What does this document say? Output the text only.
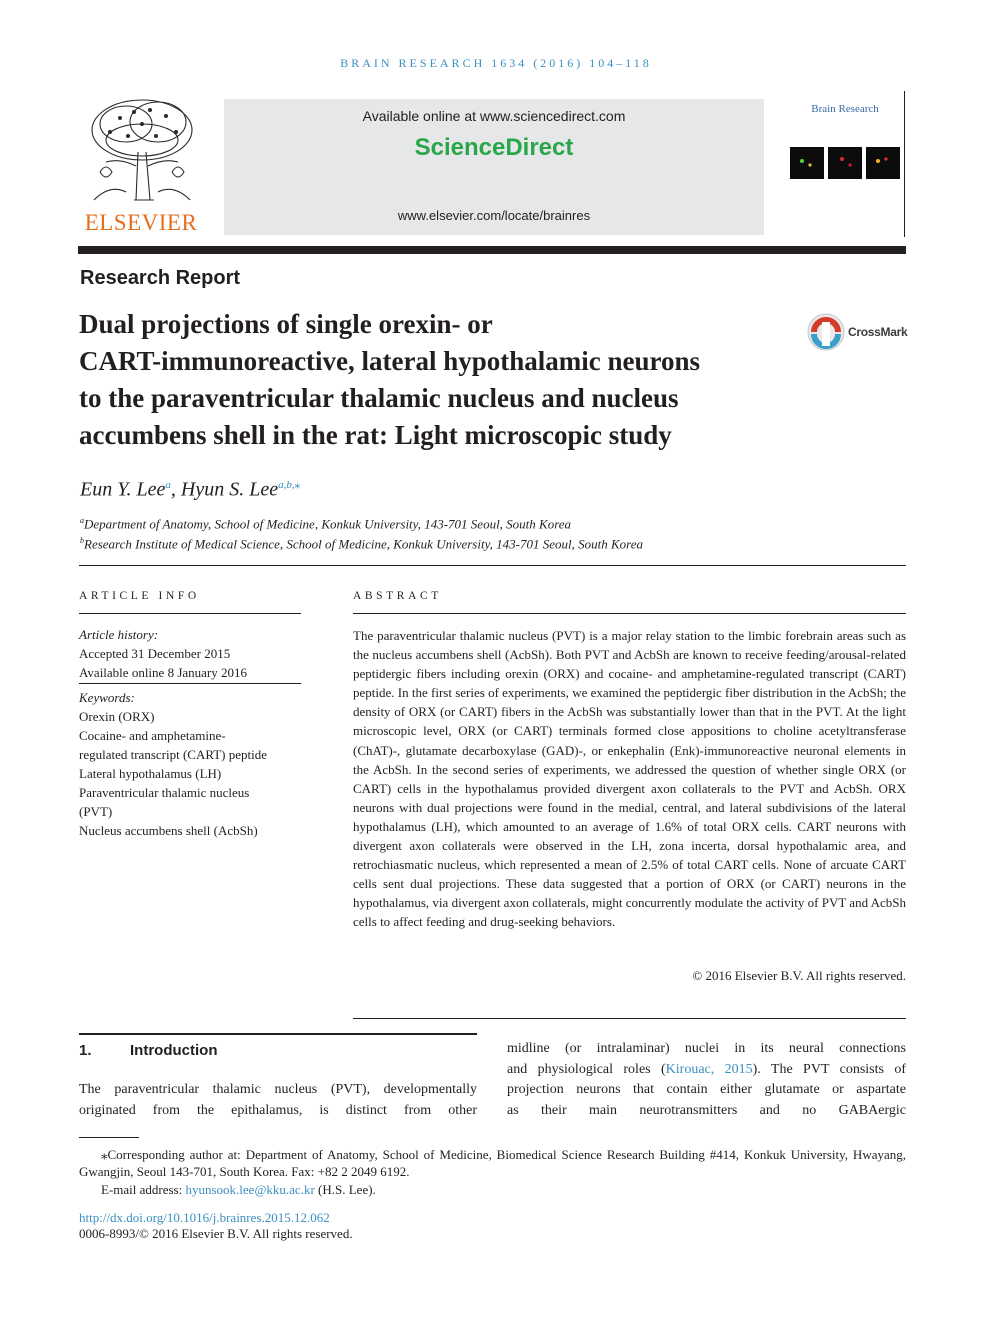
BRAIN RESEARCH 1634 (2016) 104–118
ELSEVIER
Available online at www.sciencedirect.com
ScienceDirect
www.elsevier.com/locate/brainres
Brain Research
Research Report
Dual projections of single orexin- or
CART-immunoreactive, lateral hypothalamic neurons
to the paraventricular thalamic nucleus and nucleus
accumbens shell in the rat: Light microscopic study
CrossMark
Eun Y. Lee$^a$, Hyun S. Lee$^{a,b,⁎}$
$^a$Department of Anatomy, School of Medicine, Konkuk University, 143-701 Seoul, South Korea
$^b$Research Institute of Medical Science, School of Medicine, Konkuk University, 143-701 Seoul, South Korea
ARTICLE INFO
Article history:
Accepted 31 December 2015
Available online 8 January 2016
Keywords:
Orexin (ORX)
Cocaine- and amphetamine-
regulated transcript (CART) peptide
Lateral hypothalamus (LH)
Paraventricular thalamic nucleus
(PVT)
Nucleus accumbens shell (AcbSh)
ABSTRACT
The paraventricular thalamic nucleus (PVT) is a major relay station to the limbic forebrain areas such as the nucleus accumbens shell (AcbSh). Both PVT and AcbSh are known to receive feeding/arousal-related peptidergic fibers including orexin (ORX) and cocaine- and amphetamine-regulated transcript (CART) peptide. In the first series of experiments, we examined the peptidergic fiber distribution in the AcbSh; the density of ORX (or CART) fibers in the AcbSh was substantially lower than that in the PVT. At the light microscopic level, ORX (or CART) terminals formed close appositions to choline acetyltransferase (ChAT)-, glutamate decarboxylase (GAD)-, or enkephalin (Enk)-immunoreactive neuronal elements in the AcbSh. In the second series of experiments, we addressed the question of whether single ORX (or CART) cells in the hypothalamus provided divergent axon collaterals to the PVT and AcbSh. ORX neurons with dual projections were found in the medial, central, and lateral subdivisions of the lateral hypothalamus (LH), which amounted to an average of 1.6% of total ORX cells. CART neurons with divergent axon collaterals were observed in the LH, zona incerta, dorsal hypothalamic area, and retrochiasmatic nucleus, which represented a mean of 2.5% of total CART cells. None of arcuate CART cells sent dual projections. These data suggested that a portion of ORX (or CART) neurons in the hypothalamus, via divergent axon collaterals, might concurrently modulate the activity of PVT and AcbSh cells to affect feeding and drug-seeking behaviors.
© 2016 Elsevier B.V. All rights reserved.
1.	Introduction
The paraventricular thalamic nucleus (PVT), developmentally
originated from the epithalamus, is distinct from other
midline (or intralaminar) nuclei in its neural connections
and physiological roles (Kirouac, 2015). The PVT consists of
projection neurons that contain either glutamate or aspartate
as their main neurotransmitters and no GABAergic
⁎Corresponding author at: Department of Anatomy, School of Medicine, Biomedical Science Research Building #414, Konkuk University, Hwayang, Gwangjin, Seoul 143-701, South Korea. Fax: +82 2 2049 6192.
E-mail address: hyunsook.lee@kku.ac.kr (H.S. Lee).
http://dx.doi.org/10.1016/j.brainres.2015.12.062
0006-8993/© 2016 Elsevier B.V. All rights reserved.
